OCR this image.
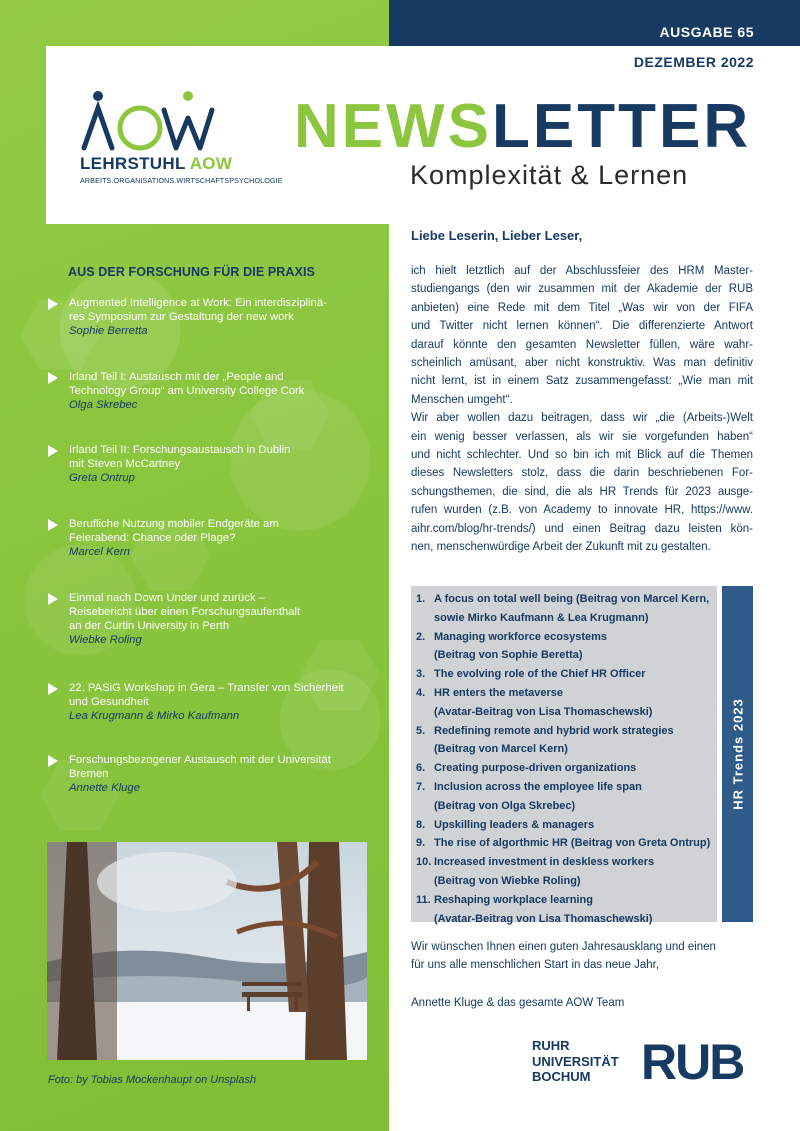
AUSGABE 65
DEZEMBER 2022
LEHRSTUHL AOW
ARBEITS.ORGANISATIONS.WIRTSCHAFTSPSYCHOLOGIE
NEWSLETTER
Komplexität & Lernen
AUS DER FORSCHUNG FÜR DIE PRAXIS
Augmented Intelligence at Work: Ein interdisziplinä-
res Symposium zur Gestaltung der new work
Sophie Berretta
Irland Teil I: Austausch mit der „People and
Technology Group“ am University College Cork
Olga Skrebec
Irland Teil II: Forschungsaustausch in Dublin
mit Steven McCartney
Greta Ontrup
Berufliche Nutzung mobiler Endgeräte am
Feierabend: Chance oder Plage?
Marcel Kern
Einmal nach Down Under und zurück –
Reisebericht über einen Forschungsaufenthalt
an der Curtin University in Perth
Wiebke Roling
22. PASiG Workshop in Gera – Transfer von Sicherheit
und Gesundheit
Lea Krugmann & Mirko Kaufmann
Forschungsbezogener Austausch mit der Universität
Bremen
Annette Kluge
Foto: by Tobias Mockenhaupt on Unsplash
Liebe Leserin, Lieber Leser,

ich hielt letztlich auf der Abschlussfeier des HRM Master-
studiengangs (den wir zusammen mit der Akademie der RUB
anbieten) eine Rede mit dem Titel „Was wir von der FIFA
und Twitter nicht lernen können“. Die differenzierte Antwort
darauf könnte den gesamten Newsletter füllen, wäre wahr-
scheinlich amüsant, aber nicht konstruktiv. Was man definitiv
nicht lernt, ist in einem Satz zusammengefasst: „Wie man mit
Menschen umgeht“.

Wir aber wollen dazu beitragen, dass wir „die (Arbeits-)Welt
ein wenig besser verlassen, als wir sie vorgefunden haben“
und nicht schlechter. Und so bin ich mit Blick auf die Themen
dieses Newsletters stolz, dass die darin beschriebenen For-
schungsthemen, die sind, die als HR Trends für 2023 ausge-
rufen wurden (z.B. von Academy to innovate HR, https://www.
aihr.com/blog/hr-trends/) und einen Beitrag dazu leisten kön-
nen, menschenwürdige Arbeit der Zukunft mit zu gestalten.

HR Trends 2023
1. A focus on total well being (Beitrag von Marcel Kern,
sowie Mirko Kaufmann & Lea Krugmann)
2. Managing workforce ecosystems
(Beitrag von Sophie Beretta)
3. The evolving role of the Chief HR Officer
4. HR enters the metaverse
(Avatar-Beitrag von Lisa Thomaschewski)
5. Redefining remote and hybrid work strategies
(Beitrag von Marcel Kern)
6. Creating purpose-driven organizations
7. Inclusion across the employee life span
(Beitrag von Olga Skrebec)
8. Upskilling leaders & managers
9. The rise of algorthmic HR (Beitrag von Greta Ontrup)
10. Increased investment in deskless workers
(Beitrag von Wiebke Roling)
11. Reshaping workplace learning
(Avatar-Beitrag von Lisa Thomaschewski)
Wir wünschen Ihnen einen guten Jahresausklang und einen
für uns alle menschlichen Start in das neue Jahr,
Annette Kluge & das gesamte AOW Team
RUHR
UNIVERSITÄT
BOCHUM	RUB
